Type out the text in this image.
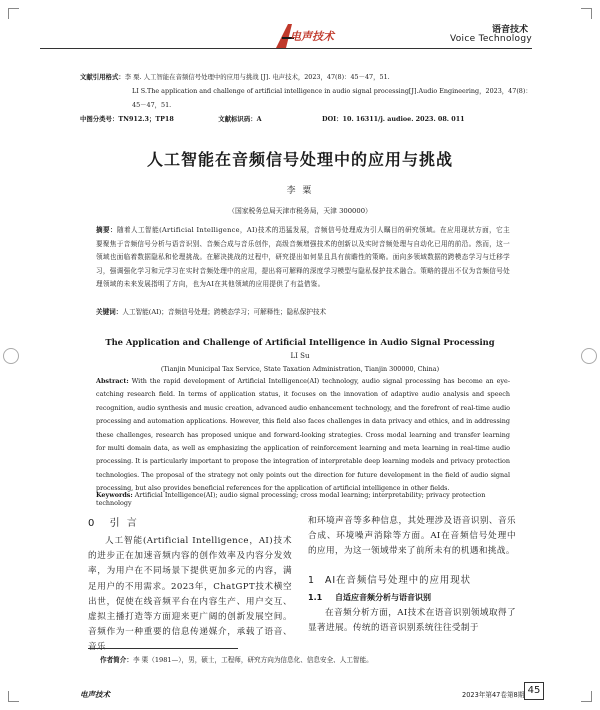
电声技术	语音技术
Voice Technology
文献引用格式：李 栗. 人工智能在音频信号处理中的应用与挑战 [J]. 电声技术，2023，47(8)：45－47，51.
LI S.The application and challenge of artificial intelligence in audio signal processing[J].Audio Engineering，2023，47(8)：
45－47，51.
中图分类号：TN912.3；TP18	文献标识码：A	DOI：10. 16311/j. audioe. 2023. 08. 011
人工智能在音频信号处理中的应用与挑战
李 粟
（国家税务总局天津市税务局，天津 300000）
摘要：随着人工智能(Artificial Intelligence，AI)技术的迅猛发展，音频信号处理成为引人瞩目的研究领域。在应用现状方面，它主要聚焦于音频信号分析与语音识别、音频合成与音乐创作，高级音频增强技术的创新以及实时音频处理与自动化已用的前沿。然而，这一领域也面临着数据隐私和伦理挑战。在解决挑战的过程中，研究提出如何显且具有前瞻性的策略。面向多领域数据的跨模态学习与迁移学习，强调强化学习和元学习在实时音频处理中的应用，提出将可解释的深度学习模型与隐私保护技术融合。策略的提出不仅为音频信号处理领域的未来发展指明了方向，也为AI在其他领域的应用提供了有益借鉴。
关键词：人工智能(AI)；音频信号处理；跨模态学习；可解释性；隐私保护技术
The Application and Challenge of Artificial Intelligence in Audio Signal Processing
LI Su
(Tianjin Municipal Tax Service, State Taxation Administration, Tianjin 300000, China)
Abstract: With the rapid development of Artificial Intelligence(AI) technology, audio signal processing has become an eye-catching research field. In terms of application status, it focuses on the innovation of adaptive audio analysis and speech recognition, audio synthesis and music creation, advanced audio enhancement technology, and the forefront of real-time audio processing and automation applications. However, this field also faces challenges in data privacy and ethics, and in addressing these challenges, research has proposed unique and forward-looking strategies. Cross modal learning and transfer learning for multi domain data, as well as emphasizing the application of reinforcement learning and meta learning in real-time audio processing. It is particularly important to propose the integration of interpretable deep learning models and privacy protection technologies. The proposal of the strategy not only points out the direction for future development in the field of audio signal processing, but also provides beneficial references for the application of artificial intelligence in other fields.
Keywords: Artificial Intelligence(AI); audio signal processing; cross modal learning; interpretability; privacy protection technology
0 引 言
人工智能(Artificial Intelligence，AI)技术的进步正在加速音频内容的创作效率及内容分发效率，为用户在不同场景下提供更加多元的内容，满足用户的不用需求。2023年，ChatGPT技术横空出世，促使在线音频平台在内容生产、用户交互、虚拟主播打造等方面迎来更广阔的创新发展空间。音频作为一种重要的信息传递媒介，承载了语音、
和环境声音等多种信息，其处理涉及语音识别、音乐合成、环境噪声消除等方面。AI在音频信号处理中的应用，为这一领域带来了前所未有的机遇和挑战。
1 AI在音频信号处理中的应用现状
1.1 自适应音频分析与语音识别
在音频分析方面，AI技术在语音识别领域取得了显著进展。传统的语音识别系统往往受制于
作者简介：李 栗（1981—），男，硕士，工程师，研究方向为信息化、信息安全、人工智能。
电声技术	2023年第47卷第8期 45
